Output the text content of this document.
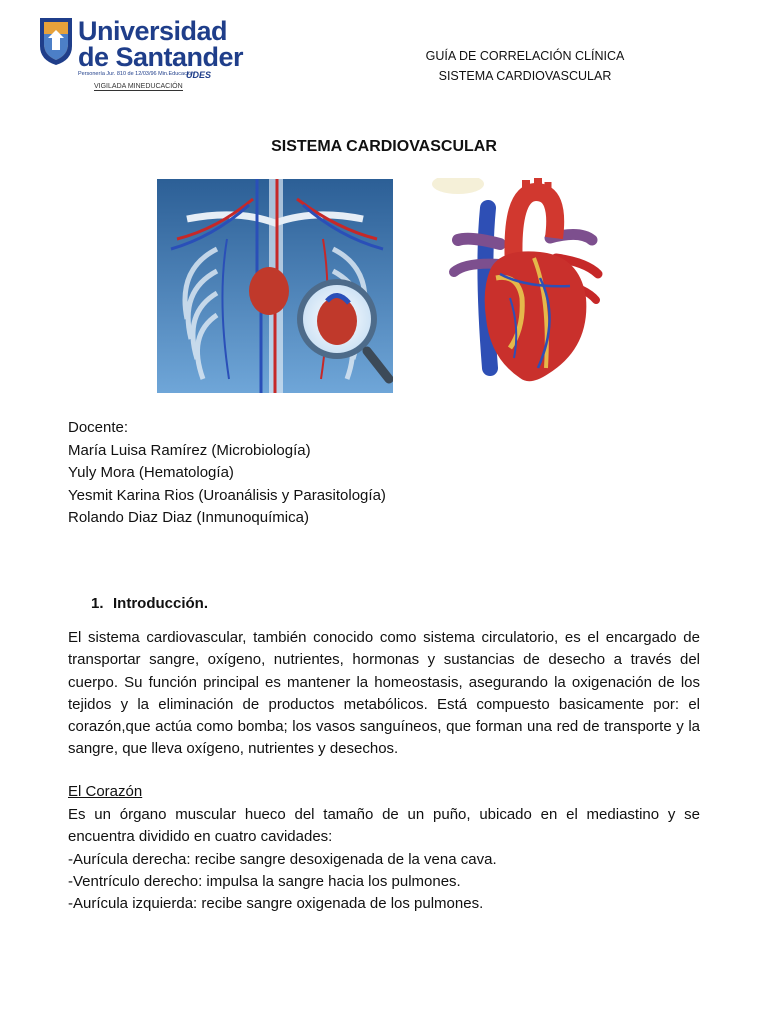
Universidad
de Santander
Personería Jur. 810 de 12/03/96 Min.Educación
UDES
VIGILADA MINEDUCACIÓN
GUÍA DE CORRELACIÓN CLÍNICA
SISTEMA CARDIOVASCULAR
SISTEMA CARDIOVASCULAR
Docente:
María Luisa Ramírez (Microbiología)
Yuly Mora (Hematología)
Yesmit Karina Rios (Uroanálisis y Parasitología)
Rolando Diaz Diaz (Inmunoquímica)
1. Introducción.
El sistema cardiovascular, también conocido como sistema circulatorio, es el encargado de transportar sangre, oxígeno, nutrientes, hormonas y sustancias de desecho a través del cuerpo. Su función principal es mantener la homeostasis, asegurando la oxigenación de los tejidos y la eliminación de productos metabólicos. Está compuesto basicamente por: el corazón,que actúa como bomba; los vasos sanguíneos, que forman una red de transporte y la sangre, que lleva oxígeno, nutrientes y desechos.
El Corazón
Es un órgano muscular hueco del tamaño de un puño, ubicado en el mediastino y se encuentra dividido en cuatro cavidades:
-Aurícula derecha: recibe sangre desoxigenada de la vena cava.
-Ventrículo derecho: impulsa la sangre hacia los pulmones.
-Aurícula izquierda: recibe sangre oxigenada de los pulmones.
